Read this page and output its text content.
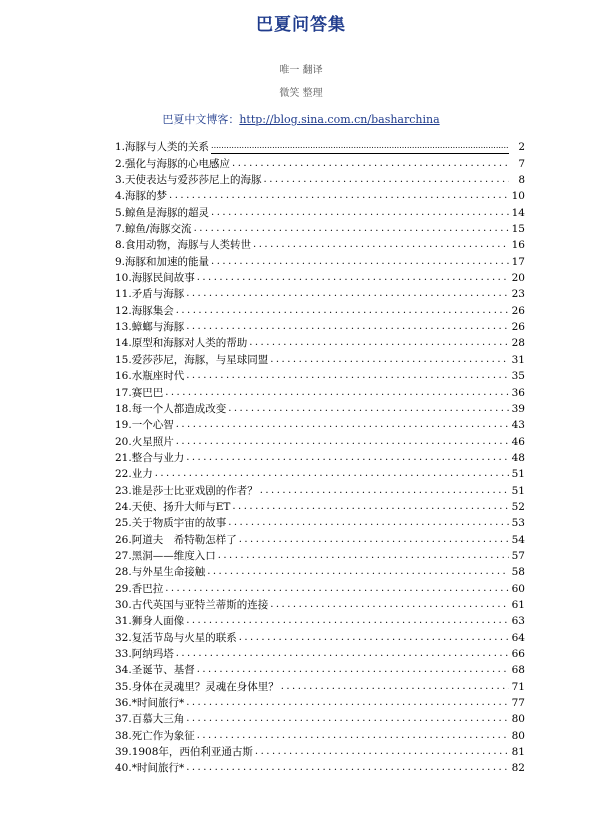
巴夏问答集
唯一 翻译
微笑 整理
巴夏中文博客：http://blog.sina.com.cn/basharchina
1.海豚与人类的关系 .....	2
2.强化与海豚的心电感应 .....	7
3.天使表达与爱莎莎尼上的海豚 .....	8
4.海豚的梦 .....	10
5.鲸鱼是海豚的超灵 .....	14
7.鲸鱼/海豚交流 .....	15
8.食用动物，海豚与人类转世 .....	16
9.海豚和加速的能量 .....	17
10.海豚民间故事 .....	20
11.矛盾与海豚 .....	23
12.海豚集会 .....	26
13.蟑螂与海豚 .....	26
14.原型和海豚对人类的帮助 .....	28
15.爱莎莎尼，海豚，与星球同盟 .....	31
16.水瓶座时代 .....	35
17.赛巴巴 .....	36
18.每一个人都造成改变 .....	39
19.一个心智 .....	43
20.火星照片 .....	46
21.整合与业力 .....	48
22.业力 .....	51
23.谁是莎士比亚戏剧的作者？ .....	51
24.天使、扬升大师与ET .....	52
25.关于物质宇宙的故事 .....	53
26.阿道夫　希特勒怎样了 .....	54
27.黑洞——维度入口 .....	57
28.与外星生命接触 .....	58
29.香巴拉 .....	60
30.古代英国与亚特兰蒂斯的连接 .....	61
31.狮身人面像 .....	63
32.复活节岛与火星的联系 .....	64
33.阿纳玛塔 .....	66
34.圣诞节、基督 .....	68
35.身体在灵魂里？灵魂在身体里？ .....	71
36.*时间旅行* .....	77
37.百慕大三角 .....	80
38.死亡作为象征 .....	80
39.1908年，西伯利亚通古斯 .....	81
40.*时间旅行* .....	82
